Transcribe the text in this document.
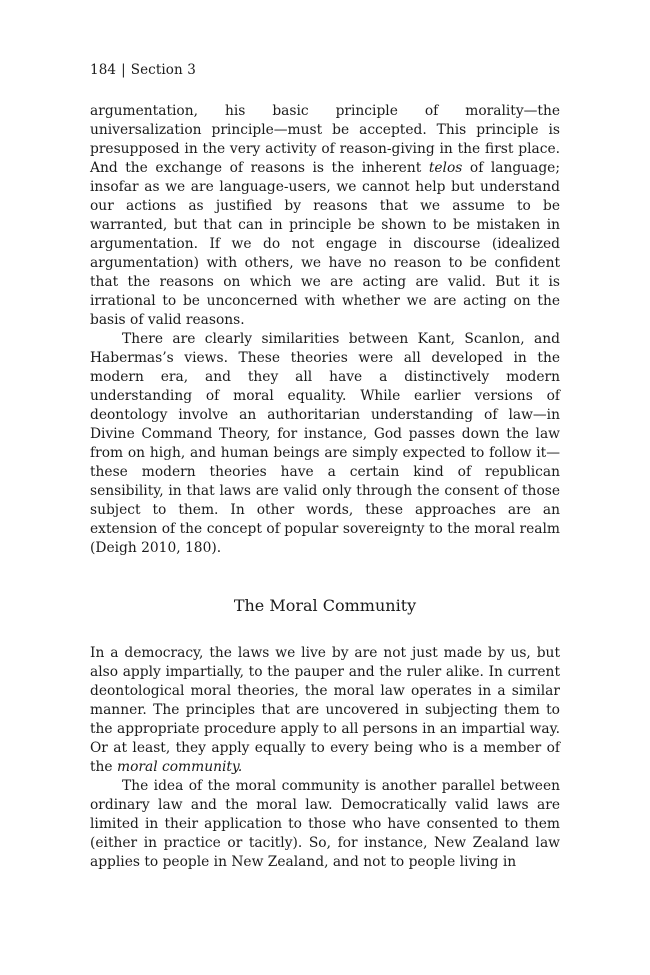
184 | Section 3

argumentation, his basic principle of morality—the universalization principle—must be accepted. This principle is presupposed in the very activity of reason-giving in the first place. And the exchange of reasons is the inherent telos of language; insofar as we are language-users, we cannot help but understand our actions as justified by reasons that we assume to be warranted, but that can in principle be shown to be mistaken in argumentation. If we do not engage in discourse (idealized argumentation) with others, we have no reason to be confident that the reasons on which we are acting are valid. But it is irrational to be unconcerned with whether we are acting on the basis of valid reasons.

There are clearly similarities between Kant, Scanlon, and Habermas’s views. These theories were all developed in the modern era, and they all have a distinctively modern understanding of moral equality. While earlier versions of deontology involve an authoritarian understanding of law—in Divine Command Theory, for instance, God passes down the law from on high, and human beings are simply expected to follow it—these modern theories have a certain kind of republican sensibility, in that laws are valid only through the consent of those subject to them. In other words, these approaches are an extension of the concept of popular sovereignty to the moral realm (Deigh 2010, 180).

The Moral Community

In a democracy, the laws we live by are not just made by us, but also apply impartially, to the pauper and the ruler alike. In current deontological moral theories, the moral law operates in a similar manner. The principles that are uncovered in subjecting them to the appropriate procedure apply to all persons in an impartial way. Or at least, they apply equally to every being who is a member of the moral community.

The idea of the moral community is another parallel between ordinary law and the moral law. Democratically valid laws are limited in their application to those who have consented to them (either in practice or tacitly). So, for instance, New Zealand law applies to people in New Zealand, and not to people living in
